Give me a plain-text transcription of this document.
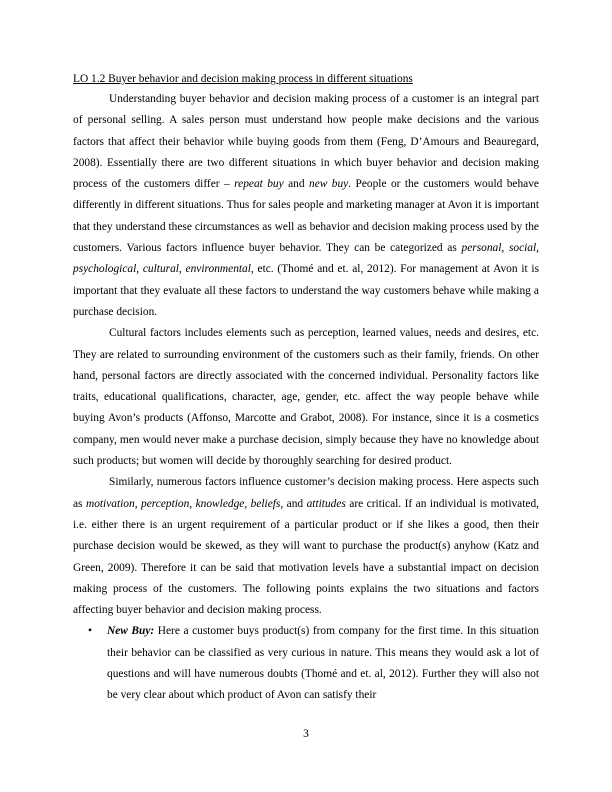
LO 1.2 Buyer behavior and decision making process in different situations

Understanding buyer behavior and decision making process of a customer is an integral part of personal selling. A sales person must understand how people make decisions and the various factors that affect their behavior while buying goods from them (Feng, D’Amours and Beauregard, 2008). Essentially there are two different situations in which buyer behavior and decision making process of the customers differ – repeat buy and new buy. People or the customers would behave differently in different situations. Thus for sales people and marketing manager at Avon it is important that they understand these circumstances as well as behavior and decision making process used by the customers. Various factors influence buyer behavior. They can be categorized as personal, social, psychological, cultural, environmental, etc. (Thomé and et. al, 2012). For management at Avon it is important that they evaluate all these factors to understand the way customers behave while making a purchase decision.

Cultural factors includes elements such as perception, learned values, needs and desires, etc. They are related to surrounding environment of the customers such as their family, friends. On other hand, personal factors are directly associated with the concerned individual. Personality factors like traits, educational qualifications, character, age, gender, etc. affect the way people behave while buying Avon’s products (Affonso, Marcotte and Grabot, 2008). For instance, since it is a cosmetics company, men would never make a purchase decision, simply because they have no knowledge about such products; but women will decide by thoroughly searching for desired product.

Similarly, numerous factors influence customer’s decision making process. Here aspects such as motivation, perception, knowledge, beliefs, and attitudes are critical. If an individual is motivated, i.e. either there is an urgent requirement of a particular product or if she likes a good, then their purchase decision would be skewed, as they will want to purchase the product(s) anyhow (Katz and Green, 2009). Therefore it can be said that motivation levels have a substantial impact on decision making process of the customers. The following points explains the two situations and factors affecting buyer behavior and decision making process.

• New Buy: Here a customer buys product(s) from company for the first time. In this situation their behavior can be classified as very curious in nature. This means they would ask a lot of questions and will have numerous doubts (Thomé and et. al, 2012). Further they will also not be very clear about which product of Avon can satisfy their
3
